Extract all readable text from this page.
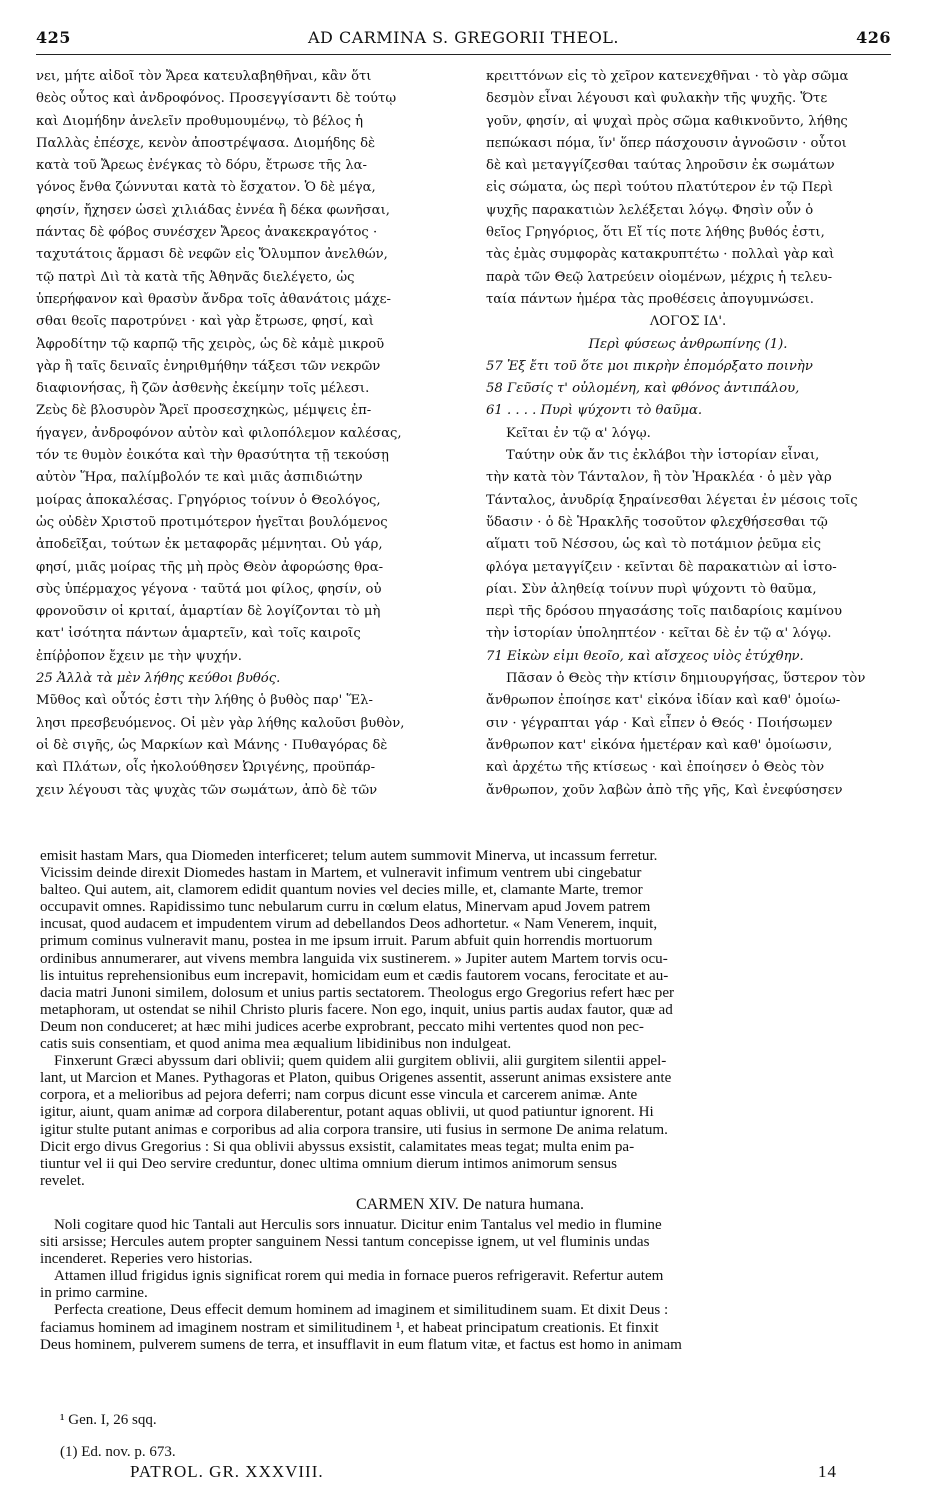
425	AD CARMINA S. GREGORII THEOL.	426
νει, μήτε αἰδοῖ τὸν Ἄρεα κατευλαβηθῆναι, κἂν ὅτι
θεὸς οὗτος καὶ ἀνδροφόνος. Προσεγγίσαντι δὲ τούτῳ
καὶ Διομήδην ἀνελεῖν προθυμουμένῳ, τὸ βέλος ἡ
Παλλὰς ἐπέσχε, κενὸν ἀποστρέψασα. Διομήδης δὲ
κατὰ τοῦ Ἄρεως ἐνέγκας τὸ δόρυ, ἔτρωσε τῆς λα-
γόνος ἔνθα ζώννυται κατὰ τὸ ἔσχατον. Ὁ δὲ μέγα,
φησίν, ἤχησεν ὡσεὶ χιλιάδας ἐννέα ἢ δέκα φωνῆσαι,
πάντας δὲ φόβος συνέσχεν Ἄρεος ἀνακεκραγότος ·
ταχυτάτοις ἅρμασι δὲ νεφῶν εἰς Ὄλυμπον ἀνελθών,
τῷ πατρὶ Διὶ τὰ κατὰ τῆς Ἀθηνᾶς διελέγετο, ὡς
ὑπερήφανον καὶ θρασὺν ἄνδρα τοῖς ἀθανάτοις μάχε-
σθαι θεοῖς παροτρύνει · καὶ γὰρ ἔτρωσε, φησί, καὶ
Ἀφροδίτην τῷ καρπῷ τῆς χειρὸς, ὡς δὲ κἀμὲ μικροῦ
γὰρ ἢ ταῖς δειναῖς ἐνηριθμήθην τάξεσι τῶν νεκρῶν
διαφιονήσας, ἢ ζῶν ἀσθενὴς ἐκείμην τοῖς μέλεσι.
Ζεὺς δὲ βλοσυρὸν Ἄρεϊ προσεσχηκὼς, μέμψεις ἐπ-
ήγαγεν, ἀνδροφόνον αὐτὸν καὶ φιλοπόλεμον καλέσας,
τόν τε θυμὸν ἐοικότα καὶ τὴν θρασύτητα τῇ τεκούσῃ
αὐτὸν Ἥρα, παλίμβολόν τε καὶ μιᾶς ἀσπιδιώτην
μοίρας ἀποκαλέσας. Γρηγόριος τοίνυν ὁ Θεολόγος,
ὡς οὐδὲν Χριστοῦ προτιμότερον ἡγεῖται βουλόμενος
ἀποδεῖξαι, τούτων ἐκ μεταφορᾶς μέμνηται. Οὐ γάρ,
φησί, μιᾶς μοίρας τῆς μὴ πρὸς Θεὸν ἀφορώσης θρα-
σὺς ὑπέρμαχος γέγονα · ταῦτά μοι φίλος, φησίν, οὐ
φρονοῦσιν οἱ κριταί, ἁμαρτίαν δὲ λογίζονται τὸ μὴ
κατ' ἰσότητα πάντων ἁμαρτεῖν, καὶ τοῖς καιροῖς
ἐπίῤῥοπον ἔχειν με τὴν ψυχήν.
25 Ἀλλὰ τὰ μὲν λήθης κεύθοι βυθός.
Μῦθος καὶ οὗτός ἐστι τὴν λήθης ὁ βυθὸς παρ' Ἕλ-
λησι πρεσβευόμενος. Οἱ μὲν γὰρ λήθης καλοῦσι βυθὸν,
οἱ δὲ σιγῆς, ὡς Μαρκίων καὶ Μάνης · Πυθαγόρας δὲ
καὶ Πλάτων, οἷς ἠκολούθησεν Ὠριγένης, προϋπάρ-
χειν λέγουσι τὰς ψυχὰς τῶν σωμάτων, ἀπὸ δὲ τῶν
κρειττόνων εἰς τὸ χεῖρον κατενεχθῆναι · τὸ γὰρ σῶμα
δεσμὸν εἶναι λέγουσι καὶ φυλακὴν τῆς ψυχῆς. Ὅτε
γοῦν, φησίν, αἱ ψυχαὶ πρὸς σῶμα καθικνοῦντο, λήθης
πεπώκασι πόμα, ἵν' ὅπερ πάσχουσιν ἀγνοῶσιν · οὗτοι
δὲ καὶ μεταγγίζεσθαι ταύτας ληροῦσιν ἐκ σωμάτων
εἰς σώματα, ὡς περὶ τούτου πλατύτερον ἐν τῷ Περὶ
ψυχῆς παρακατιὼν λελέξεται λόγῳ. Φησὶν οὖν ὁ
θεῖος Γρηγόριος, ὅτι Εἴ τίς ποτε λήθης βυθός ἐστι,
τὰς ἐμὰς συμφορὰς κατακρυπτέτω · πολλαὶ γὰρ καὶ
παρὰ τῶν Θεῷ λατρεύειν οἰομένων, μέχρις ἡ τελευ-
ταία πάντων ἡμέρα τὰς προθέσεις ἀπογυμνώσει.
ΛΟΓΟΣ ΙΔ'.
Περὶ φύσεως ἀνθρωπίνης (1).
57 Ἐξ ἔτι τοῦ ὅτε μοι πικρὴν ἐπομόρξατο ποινὴν
58 Γεῦσίς τ' οὐλομένη, καὶ φθόνος ἀντιπάλου,
61 . . . . Πυρὶ ψύχοντι τὸ θαῦμα.
Κεῖται ἐν τῷ α' λόγῳ.
Ταύτην οὐκ ἄν τις ἐκλάβοι τὴν ἱστορίαν εἶναι,
τὴν κατὰ τὸν Τάνταλον, ἢ τὸν Ἡρακλέα · ὁ μὲν γὰρ
Τάνταλος, ἀνυδρίᾳ ξηραίνεσθαι λέγεται ἐν μέσοις τοῖς
ὕδασιν · ὁ δὲ Ἡρακλῆς τοσοῦτον φλεχθήσεσθαι τῷ
αἵματι τοῦ Νέσσου, ὡς καὶ τὸ ποτάμιον ῥεῦμα εἰς
φλόγα μεταγγίζειν · κεῖνται δὲ παρακατιὼν αἱ ἱστο-
ρίαι. Σὺν ἀληθείᾳ τοίνυν πυρὶ ψύχοντι τὸ θαῦμα,
περὶ τῆς δρόσου πηγασάσης τοῖς παιδαρίοις καμίνου
τὴν ἱστορίαν ὑποληπτέον · κεῖται δὲ ἐν τῷ α' λόγῳ.
71 Εἰκὼν εἰμι θεοῖο, καὶ αἴσχεος υἱὸς ἐτύχθην.
Πᾶσαν ὁ Θεὸς τὴν κτίσιν δημιουργήσας, ὕστερον τὸν
ἄνθρωπον ἐποίησε κατ' εἰκόνα ἰδίαν καὶ καθ' ὁμοίω-
σιν · γέγραπται γάρ · Καὶ εἶπεν ὁ Θεός · Ποιήσωμεν
ἄνθρωπον κατ' εἰκόνα ἡμετέραν καὶ καθ' ὁμοίωσιν,
καὶ ἀρχέτω τῆς κτίσεως · καὶ ἐποίησεν ὁ Θεὸς τὸν
ἄνθρωπον, χοῦν λαβὼν ἀπὸ τῆς γῆς, Καὶ ἐνεφύσησεν
emisit hastam Mars, qua Diomeden interficeret; telum autem summovit Minerva, ut incassum ferretur.
Vicissim deinde direxit Diomedes hastam in Martem, et vulneravit infimum ventrem ubi cingebatur
balteo. Qui autem, ait, clamorem edidit quantum novies vel decies mille, et, clamante Marte, tremor
occupavit omnes. Rapidissimo tunc nebularum curru in cœlum elatus, Minervam apud Jovem patrem
incusat, quod audacem et impudentem virum ad debellandos Deos adhortetur. « Nam Venerem, inquit,
primum cominus vulneravit manu, postea in me ipsum irruit. Parum abfuit quin horrendis mortuorum
ordinibus annumerarer, aut vivens membra languida vix sustinerem. » Jupiter autem Martem torvis ocu-
lis intuitus reprehensionibus eum increpavit, homicidam eum et cædis fautorem vocans, ferocitate et au-
dacia matri Junoni similem, dolosum et unius partis sectatorem. Theologus ergo Gregorius refert hæc per
metaphoram, ut ostendat se nihil Christo pluris facere. Non ego, inquit, unius partis audax fautor, quæ ad
Deum non conduceret; at hæc mihi judices acerbe exprobrant, peccato mihi vertentes quod non pec-
catis suis consentiam, et quod anima mea æqualium libidinibus non indulgeat.
Finxerunt Græci abyssum dari oblivii; quem quidem alii gurgitem oblivii, alii gurgitem silentii appel-
lant, ut Marcion et Manes. Pythagoras et Platon, quibus Origenes assentit, asserunt animas exsistere ante
corpora, et a melioribus ad pejora deferri; nam corpus dicunt esse vincula et carcerem animæ. Ante
igitur, aiunt, quam animæ ad corpora dilaberentur, potant aquas oblivii, ut quod patiuntur ignorent. Hi
igitur stulte putant animas e corporibus ad alia corpora transire, uti fusius in sermone De anima relatum.
Dicit ergo divus Gregorius : Si qua oblivii abyssus exsistit, calamitates meas tegat; multa enim pa-
tiuntur vel ii qui Deo servire creduntur, donec ultima omnium dierum intimos animorum sensus
revelet.
CARMEN XIV. De natura humana.
Noli cogitare quod hic Tantali aut Herculis sors innuatur. Dicitur enim Tantalus vel medio in flumine
siti arsisse; Hercules autem propter sanguinem Nessi tantum concepisse ignem, ut vel fluminis undas
incenderet. Reperies vero historias.
Attamen illud frigidus ignis significat rorem qui media in fornace pueros refrigeravit. Refertur autem
in primo carmine.
Perfecta creatione, Deus effecit demum hominem ad imaginem et similitudinem suam. Et dixit Deus :
faciamus hominem ad imaginem nostram et similitudinem ¹, et habeat principatum creationis. Et finxit
Deus hominem, pulverem sumens de terra, et insufflavit in eum flatum vitæ, et factus est homo in animam
¹ Gen. I, 26 sqq.
(1) Ed. nov. p. 673.
PATROL. GR. XXXVIII.	14
